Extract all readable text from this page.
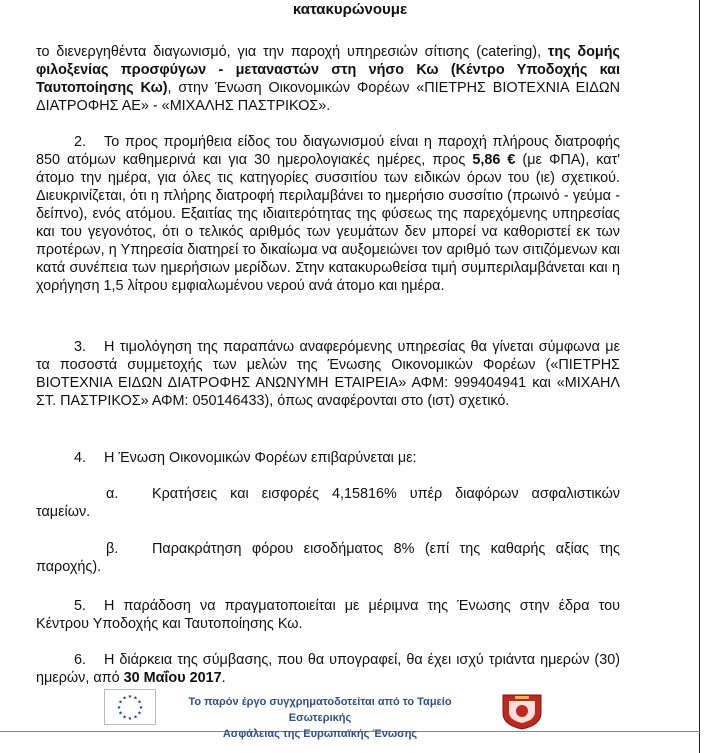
κατακυρώνουμε
το διενεργηθέντα διαγωνισμό, για την παροχή υπηρεσιών σίτισης (catering), της δομής φιλοξενίας προσφύγων - μεταναστών στη νήσο Κω (Κέντρο Υποδοχής και Ταυτοποίησης Κω), στην Ένωση Οικονομικών Φορέων «ΠΙΕΤΡΗΣ ΒΙΟΤΕΧΝΙΑ ΕΙΔΩΝ ΔΙΑΤΡΟΦΗΣ ΑΕ» - «ΜΙΧΑΛΗΣ ΠΑΣΤΡΙΚΟΣ».
2. Το προς προμήθεια είδος του διαγωνισμού είναι η παροχή πλήρους διατροφής 850 ατόμων καθημερινά και για 30 ημερολογιακές ημέρες, προς 5,86 € (με ΦΠΑ), κατ' άτομο την ημέρα, για όλες τις κατηγορίες συσσιτίου των ειδικών όρων του (ιε) σχετικού. Διευκρινίζεται, ότι η πλήρης διατροφή περιλαμβάνει το ημερήσιο συσσίτιο (πρωινό - γεύμα - δείπνο), ενός ατόμου. Εξαιτίας της ιδιαιτερότητας της φύσεως της παρεχόμενης υπηρεσίας και του γεγονότος, ότι ο τελικός αριθμός των γευμάτων δεν μπορεί να καθοριστεί εκ των προτέρων, η Υπηρεσία διατηρεί το δικαίωμα να αυξομειώνει τον αριθμό των σιτιζόμενων και κατά συνέπεια των ημερήσιων μερίδων. Στην κατακυρωθείσα τιμή συμπεριλαμβάνεται και η χορήγηση 1,5 λίτρου εμφιαλωμένου νερού ανά άτομο και ημέρα.
3. Η τιμολόγηση της παραπάνω αναφερόμενης υπηρεσίας θα γίνεται σύμφωνα με τα ποσοστά συμμετοχής των μελών της Ένωσης Οικονομικών Φορέων («ΠΙΕΤΡΗΣ ΒΙΟΤΕΧΝΙΑ ΕΙΔΩΝ ΔΙΑΤΡΟΦΗΣ ΑΝΩΝΥΜΗ ΕΤΑΙΡΕΙΑ» ΑΦΜ: 999404941 και «ΜΙΧΑΗΛ ΣΤ. ΠΑΣΤΡΙΚΟΣ» ΑΦΜ: 050146433), όπως αναφέρονται στο (ιστ) σχετικό.
4. Η Ένωση Οικονομικών Φορέων επιβαρύνεται με:
α. Κρατήσεις και εισφορές 4,15816% υπέρ διαφόρων ασφαλιστικών ταμείων.
β. Παρακράτηση φόρου εισοδήματος 8% (επί της καθαρής αξίας της παροχής).
5. Η παράδοση να πραγματοποιείται με μέριμνα της Ένωσης στην έδρα του Κέντρου Υποδοχής και Ταυτοποίησης Κω.
6. Η διάρκεια της σύμβασης, που θα υπογραφεί, θα έχει ισχύ τριάντα ημερών (30) ημερών, από 30 Μαΐου 2017.
★ ★
★
★
★
★
★
★
★
★
★
★	Το παρόν έργο συγχρηματοδοτείται από το Ταμείο Εσωτερικής
Ασφάλειας της Ευρωπαϊκής Ένωσης
